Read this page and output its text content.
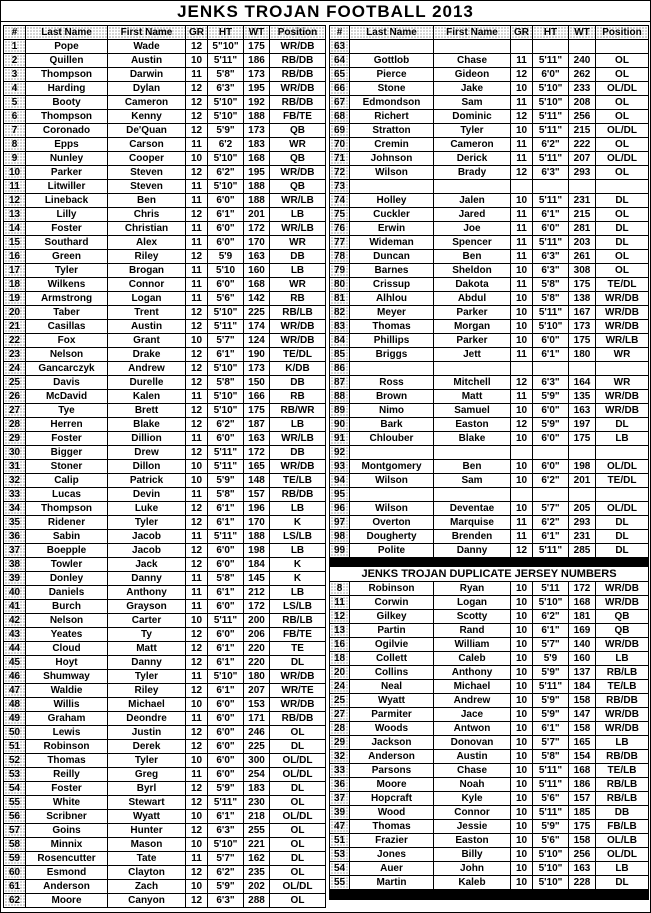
JENKS TROJAN FOOTBALL 2013
#	Last Name	First Name	GR	HT	WT	Position
1	Pope	Wade	12	5"10"	175	WR/DB
2	Quillen	Austin	10	5'11"	186	RB/DB
3	Thompson	Darwin	11	5'8"	173	RB/DB
4	Harding	Dylan	12	6'3"	195	WR/DB
5	Booty	Cameron	12	5'10"	192	RB/DB
6	Thompson	Kenny	12	5'10"	188	FB/TE
7	Coronado	De'Quan	12	5'9"	173	QB
8	Epps	Carson	11	6'2	183	WR
9	Nunley	Cooper	10	5'10"	168	QB
10	Parker	Steven	12	6'2"	195	WR/DB
11	Litwiller	Steven	11	5'10"	188	QB
12	Lineback	Ben	11	6'0"	188	WR/LB
13	Lilly	Chris	12	6'1"	201	LB
14	Foster	Christian	11	6'0"	172	WR/LB
15	Southard	Alex	11	6'0"	170	WR
16	Green	Riley	12	5'9	163	DB
17	Tyler	Brogan	11	5'10	160	LB
18	Wilkens	Connor	11	6'0"	168	WR
19	Armstrong	Logan	11	5'6"	142	RB
20	Taber	Trent	12	5'10"	225	RB/LB
21	Casillas	Austin	12	5'11"	174	WR/DB
22	Fox	Grant	10	5'7"	124	WR/DB
23	Nelson	Drake	12	6'1"	190	TE/DL
24	Gancarczyk	Andrew	12	5'10"	173	K/DB
25	Davis	Durelle	12	5'8"	150	DB
26	McDavid	Kalen	11	5'10"	166	RB
27	Tye	Brett	12	5'10"	175	RB/WR
28	Herren	Blake	12	6'2"	187	LB
29	Foster	Dillion	11	6'0"	163	WR/LB
30	Bigger	Drew	12	5'11"	172	DB
31	Stoner	Dillon	10	5'11"	165	WR/DB
32	Calip	Patrick	10	5'9"	148	TE/LB
33	Lucas	Devin	11	5'8"	157	RB/DB
34	Thompson	Luke	12	6'1"	196	LB
35	Ridener	Tyler	12	6'1"	170	K
36	Sabin	Jacob	11	5'11"	188	LS/LB
37	Boepple	Jacob	12	6'0"	198	LB
38	Towler	Jack	12	6'0"	184	K
39	Donley	Danny	11	5'8"	145	K
40	Daniels	Anthony	11	6'1"	212	LB
41	Burch	Grayson	11	6'0"	172	LS/LB
42	Nelson	Carter	10	5'11"	200	RB/LB
43	Yeates	Ty	12	6'0"	206	FB/TE
44	Cloud	Matt	12	6'1"	220	TE
45	Hoyt	Danny	12	6'1"	220	DL
46	Shumway	Tyler	11	5'10"	180	WR/DB
47	Waldie	Riley	12	6'1"	207	WR/TE
48	Willis	Michael	10	6'0"	153	WR/DB
49	Graham	Deondre	11	6'0"	171	RB/DB
50	Lewis	Justin	12	6'0"	246	OL
51	Robinson	Derek	12	6'0"	225	DL
52	Thomas	Tyler	10	6'0"	300	OL/DL
53	Reilly	Greg	11	6'0"	254	OL/DL
54	Foster	Byrl	12	5'9"	183	DL
55	White	Stewart	12	5'11"	230	OL
56	Scribner	Wyatt	10	6'1"	218	OL/DL
57	Goins	Hunter	12	6'3"	255	OL
58	Minnix	Mason	10	5'10"	221	OL
59	Rosencutter	Tate	11	5'7"	162	DL
60	Esmond	Clayton	12	6'2"	235	OL
61	Anderson	Zach	10	5'9"	202	OL/DL
62	Moore	Canyon	12	6'3"	288	OL
#	Last Name	First Name	GR	HT	WT	Position
63						
64	Gottlob	Chase	11	5'11"	240	OL
65	Pierce	Gideon	12	6'0"	262	OL
66	Stone	Jake	10	5'10"	233	OL/DL
67	Edmondson	Sam	11	5'10"	208	OL
68	Richert	Dominic	12	5'11"	256	OL
69	Stratton	Tyler	10	5'11"	215	OL/DL
70	Cremin	Cameron	11	6'2"	222	OL
71	Johnson	Derick	11	5'11"	207	OL/DL
72	Wilson	Brady	12	6'3"	293	OL
73						
74	Holley	Jalen	10	5'11"	231	DL
75	Cuckler	Jared	11	6'1"	215	OL
76	Erwin	Joe	11	6'0"	281	DL
77	Wideman	Spencer	11	5'11"	203	DL
78	Duncan	Ben	11	6'3"	261	OL
79	Barnes	Sheldon	10	6'3"	308	OL
80	Crissup	Dakota	11	5'8"	175	TE/DL
81	Alhlou	Abdul	10	5'8"	138	WR/DB
82	Meyer	Parker	10	5'11"	167	WR/DB
83	Thomas	Morgan	10	5'10"	173	WR/DB
84	Phillips	Parker	10	6'0"	175	WR/LB
85	Briggs	Jett	11	6'1"	180	WR
86						
87	Ross	Mitchell	12	6'3"	164	WR
88	Brown	Matt	11	5'9"	135	WR/DB
89	Nimo	Samuel	10	6'0"	163	WR/DB
90	Bark	Easton	12	5'9"	197	DL
91	Chlouber	Blake	10	6'0"	175	LB
92						
93	Montgomery	Ben	10	6'0"	198	OL/DL
94	Wilson	Sam	10	6'2"	201	TE/DL
95						
96	Wilson	Deventae	10	5'7"	205	OL/DL
97	Overton	Marquise	11	6'2"	293	DL
98	Dougherty	Brenden	11	6'1"	231	DL
99	Polite	Danny	12	5'11"	285	DL

JENKS TROJAN DUPLICATE JERSEY NUMBERS						
8	Robinson	Ryan	10	5'11	172	WR/DB
11	Corwin	Logan	10	5'10"	168	WR/DB
12	Gilkey	Scotty	10	6'2"	181	QB
13	Partin	Rand	10	6'1"	169	QB
16	Ogilvie	William	10	5'7"	140	WR/DB
18	Collett	Caleb	10	5'9	160	LB
20	Collins	Anthony	10	5'9"	137	RB/LB
24	Neal	Michael	10	5'11"	184	TE/LB
25	Wyatt	Andrew	10	5'9"	158	RB/DB
27	Parmiter	Jace	10	5'9"	147	WR/DB
28	Woods	Antwon	10	6'1"	158	WR/DB
29	Jackson	Donovan	10	5'7"	165	LB
32	Anderson	Austin	10	5'8"	154	RB/DB
33	Parsons	Chase	10	5'11"	168	TE/LB
36	Moore	Noah	10	5'11"	186	RB/LB
37	Hopcraft	Kyle	10	5'6"	157	RB/LB
39	Wood	Connor	10	5'11"	185	DB
47	Thomas	Jessie	10	5'9"	175	FB/LB
51	Frazier	Easton	10	5'6"	158	OL/LB
53	Jones	Billy	10	5'10"	256	OL/DL
54	Auer	John	10	5'10"	163	LB
55	Martin	Kaleb	10	5'10"	228	DL
